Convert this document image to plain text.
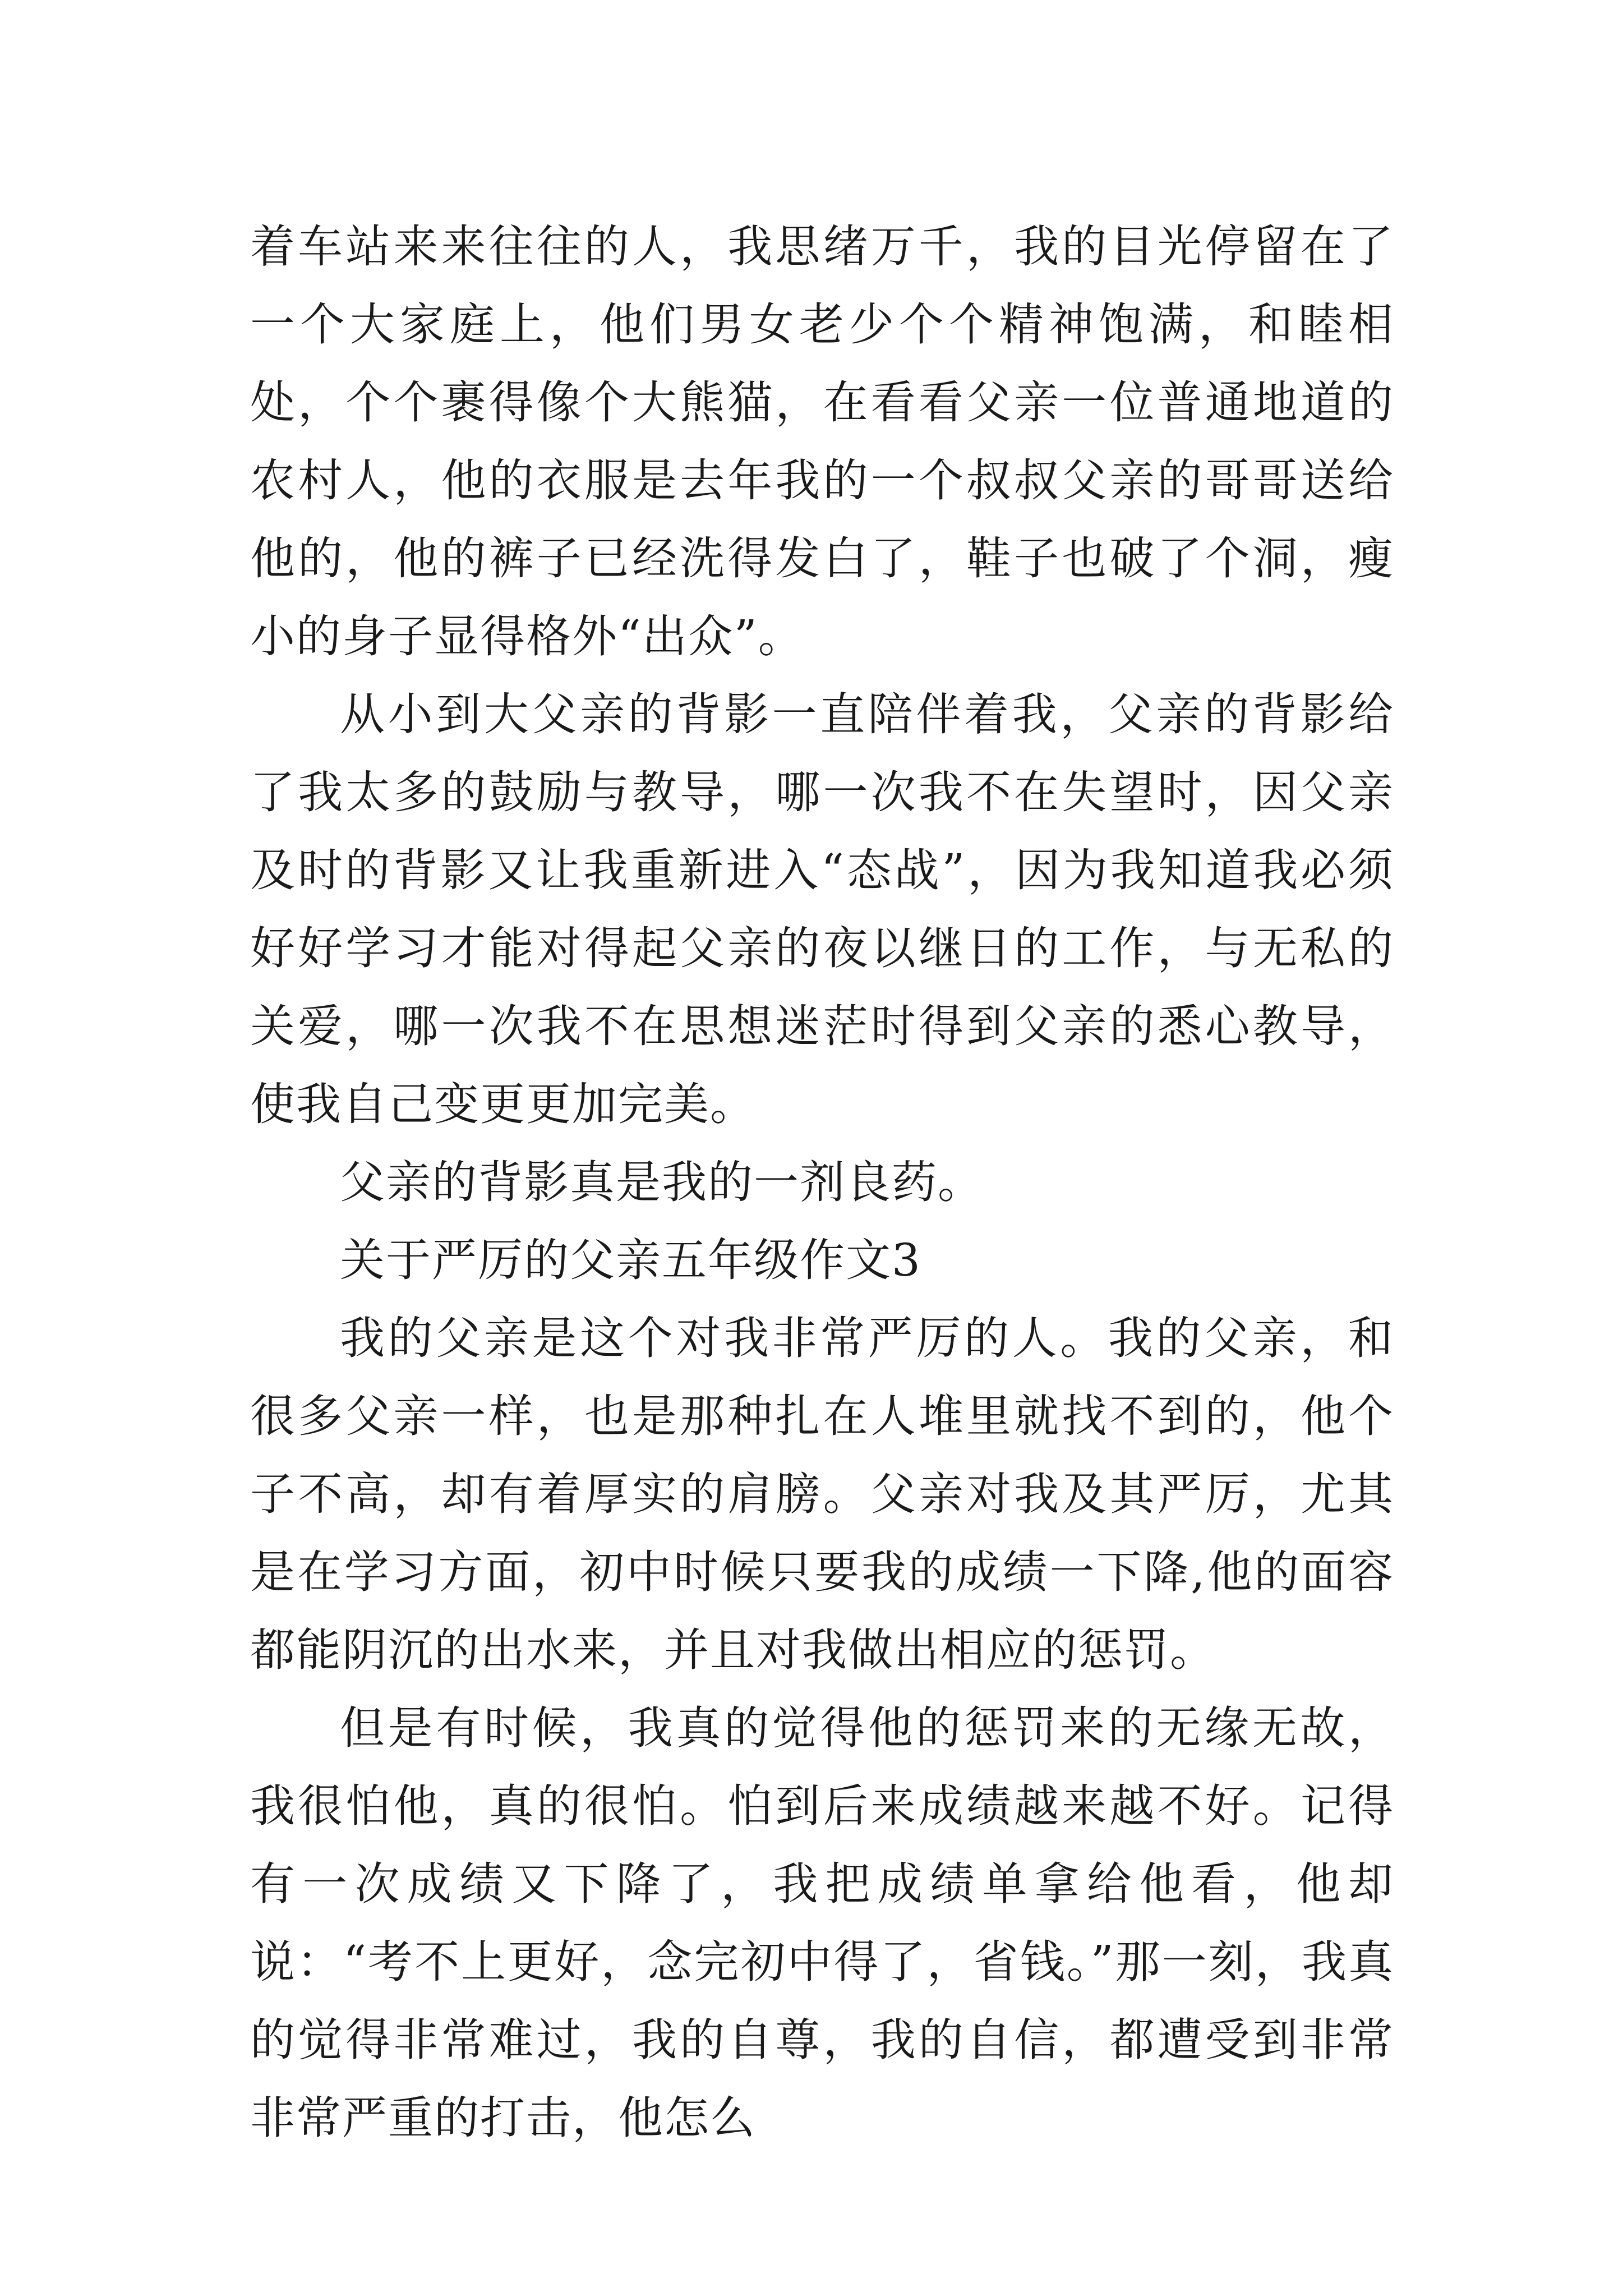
着车站来来往往的人，我思绪万千，我的目光停留在了一个大家庭上，他们男女老少个个精神饱满，和睦相处，个个裹得像个大熊猫，在看看父亲一位普通地道的农村人，他的衣服是去年我的一个叔叔父亲的哥哥送给他的，他的裤子已经洗得发白了，鞋子也破了个洞，瘦小的身子显得格外“出众”。

从小到大父亲的背影一直陪伴着我，父亲的背影给了我太多的鼓励与教导，哪一次我不在失望时，因父亲及时的背影又让我重新进入“态战”，因为我知道我必须好好学习才能对得起父亲的夜以继日的工作，与无私的关爱，哪一次我不在思想迷茫时得到父亲的悉心教导，使我自己变更更加完美。

父亲的背影真是我的一剂良药。

关于严厉的父亲五年级作文3

我的父亲是这个对我非常严厉的人。我的父亲，和很多父亲一样，也是那种扎在人堆里就找不到的，他个子不高，却有着厚实的肩膀。父亲对我及其严厉，尤其是在学习方面，初中时候只要我的成绩一下降,他的面容都能阴沉的出水来，并且对我做出相应的惩罚。

但是有时候，我真的觉得他的惩罚来的无缘无故，我很怕他，真的很怕。怕到后来成绩越来越不好。记得有一次成绩又下降了，我把成绩单拿给他看，他却说：“考不上更好，念完初中得了，省钱。”那一刻，我真的觉得非常难过，我的自尊，我的自信，都遭受到非常非常严重的打击，他怎么
